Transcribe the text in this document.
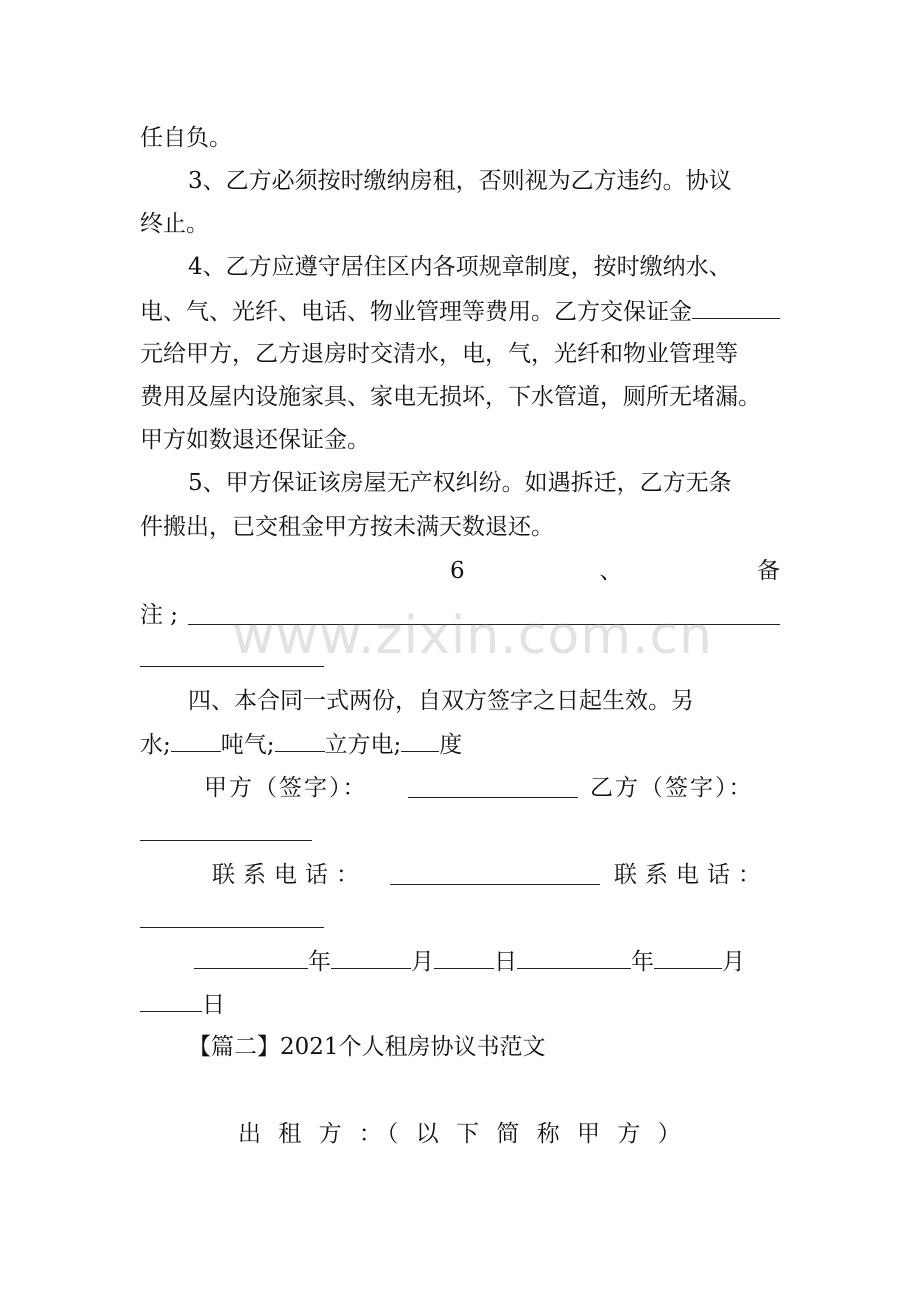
任自负。
3、乙方必须按时缴纳房租，否则视为乙方违约。协议
终止。
4、乙方应遵守居住区内各项规章制度，按时缴纳水、
电、气、光纤、电话、物业管理等费用。乙方交保证金
元给甲方，乙方退房时交清水，电，气，光纤和物业管理等
费用及屋内设施家具、家电无损坏，下水管道，厕所无堵漏。
甲方如数退还保证金。
5、甲方保证该房屋无产权纠纷。如遇拆迁，乙方无条
件搬出，已交租金甲方按未满天数退还。
6	、	备
注 ;
四、本合同一式两份，自双方签字之日起生效。另
水; 吨气; 立方电; 度
甲方（签字）：	乙方（签字）：
联系电话：	联系电话：
年	月	日	年	月
日
【篇二】2021个人租房协议书范文
出 租 方 ：（ 以 下 简 称 甲 方 ）
www.zixin.com.cn
